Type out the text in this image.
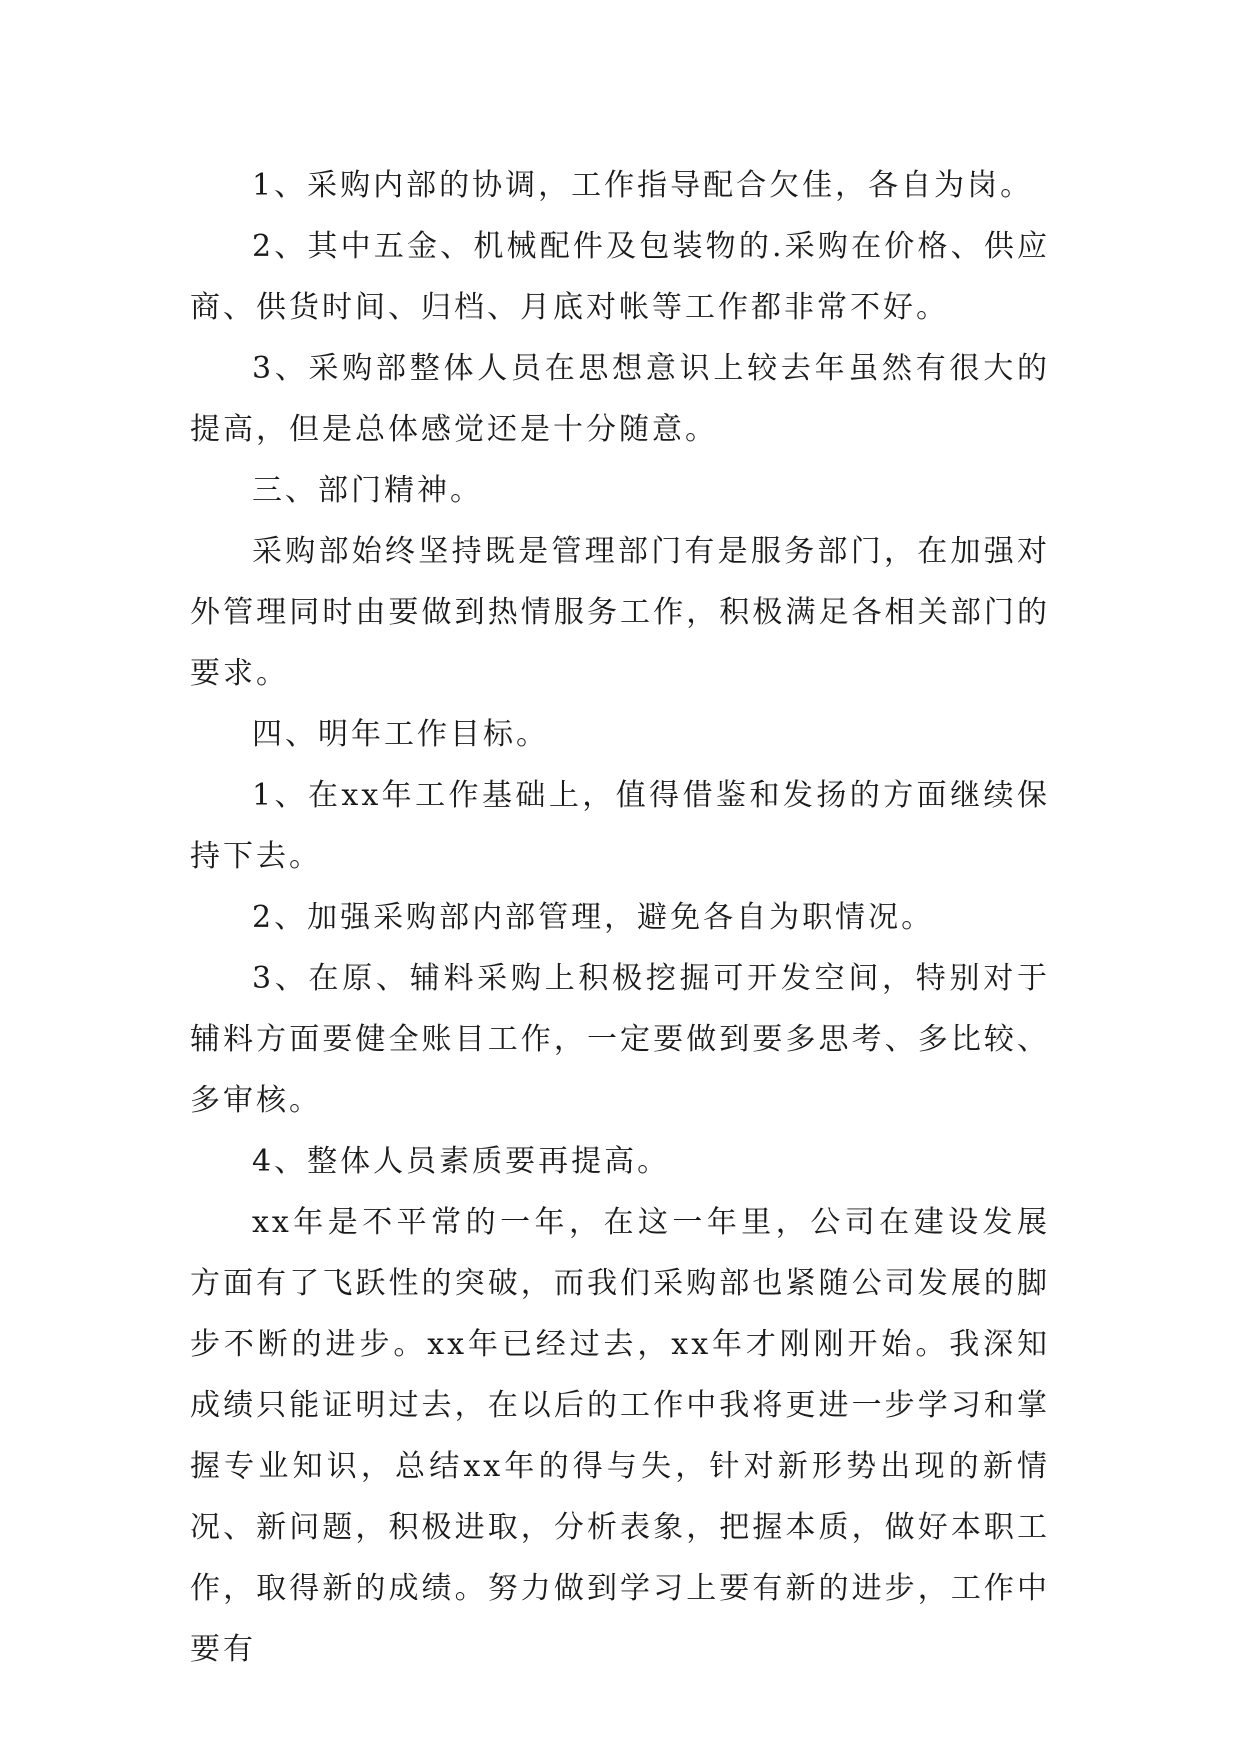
1、采购内部的协调，工作指导配合欠佳，各自为岗。

2、其中五金、机械配件及包装物的.采购在价格、供应商、供货时间、归档、月底对帐等工作都非常不好。

3、采购部整体人员在思想意识上较去年虽然有很大的提高，但是总体感觉还是十分随意。

三、部门精神。

采购部始终坚持既是管理部门有是服务部门，在加强对外管理同时由要做到热情服务工作，积极满足各相关部门的要求。

四、明年工作目标。

1、在xx年工作基础上，值得借鉴和发扬的方面继续保持下去。

2、加强采购部内部管理，避免各自为职情况。

3、在原、辅料采购上积极挖掘可开发空间，特别对于辅料方面要健全账目工作，一定要做到要多思考、多比较、多审核。

4、整体人员素质要再提高。

xx年是不平常的一年，在这一年里，公司在建设发展方面有了飞跃性的突破，而我们采购部也紧随公司发展的脚步不断的进步。xx年已经过去，xx年才刚刚开始。我深知成绩只能证明过去，在以后的工作中我将更进一步学习和掌握专业知识，总结xx年的得与失，针对新形势出现的新情况、新问题，积极进取，分析表象，把握本质，做好本职工作，取得新的成绩。努力做到学习上要有新的进步，工作中要有
